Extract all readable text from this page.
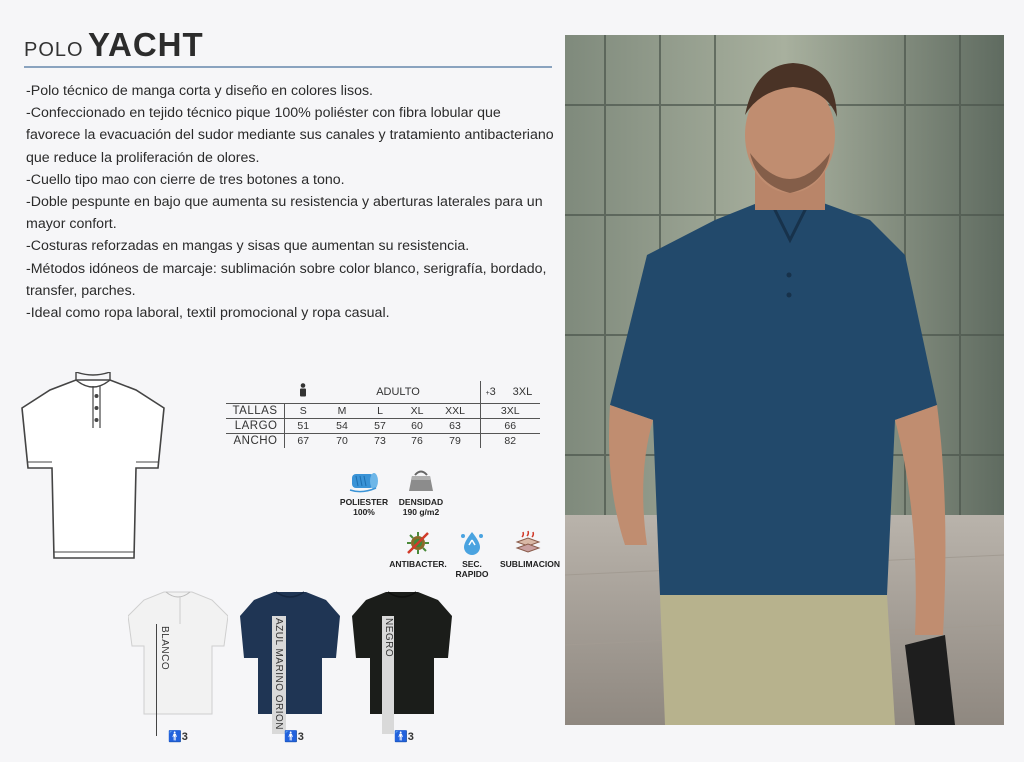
POLO YACHT

-Polo técnico de manga corta y diseño en colores lisos.

-Confeccionado en tejido técnico pique 100% poliéster con fibra lobular que favorece la evacuación del sudor mediante sus canales y tratamiento antibacteriano que reduce la proliferación de olores.

-Cuello tipo mao con cierre de tres botones a tono.

-Doble pespunte en bajo que aumenta su resistencia y aberturas laterales para un mayor confort.

-Costuras reforzadas en mangas y sisas que aumentan su resistencia.

-Métodos idóneos de marcaje: sublimación sobre color blanco, serigrafía, bordado, transfer, parches.

-Ideal como ropa laboral, textil promocional y ropa casual.

		ADULTO					+3	3XL
TALLAS	S	M	L	XL	XXL		3XL	
LARGO	51	54	57	60	63		66	
ANCHO	67	70	73	76	79		82	
POLIESTER
100%
DENSIDAD
190 g/m2
ANTIBACTER.	SEC. RAPIDO
SUBLIMACION
BLANCO
🚹3
AZUL MARINO ORION
🚹3
NEGRO
🚹3
